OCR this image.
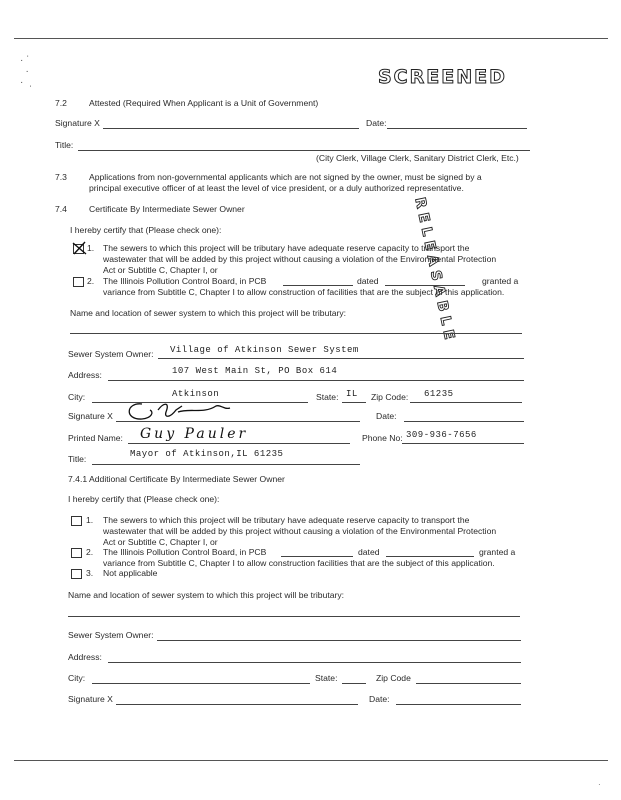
· ˈ
·
·  ˌ	SCREENED
RELEASABLE
7.2	Attested (Required When Applicant is a Unit of Government)
Signature X	Date:
Title:
(City Clerk, Village Clerk, Sanitary District Clerk, Etc.)
7.3	Applications from non-governmental applicants which are not signed by the owner, must be signed by a
principal executive officer of at least the level of vice president, or a duly authorized representative.
7.4	Certificate By Intermediate Sewer Owner
I hereby certify that (Please check one):
1. The sewers to which this project will be tributary have adequate reserve capacity to transport the
wastewater that will be added by this project without causing a violation of the Environmental Protection
Act or Subtitle C, Chapter I, or
2. The Illinois Pollution Control Board, in PCB	dated	granted a
variance from Subtitle C, Chapter I to allow construction of facilities that are the subject of this application.
Name and location of sewer system to which this project will be tributary:
Sewer System Owner: Village of Atkinson Sewer System
Address:	107 West Main St, PO Box 614
City:	Atkinson	State: IL Zip Code: 61235
Signature X	Date:
Printed Name: Guy Pauler	Phone No: 309-936-7656
Title:	Mayor of Atkinson,IL 61235
7.4.1 Additional Certificate By Intermediate Sewer Owner
I hereby certify that (Please check one):
1. The sewers to which this project will be tributary have adequate reserve capacity to transport the
wastewater that will be added by this project without causing a violation of the Environmental Protection
Act or Subtitle C, Chapter I, or
2. The Illinois Pollution Control Board, in PCB	dated	granted a
variance from Subtitle C, Chapter I to allow construction facilities that are the subject of this application.
3. Not applicable
Name and location of sewer system to which this project will be tributary:
Sewer System Owner:
Address:
City:	State:	Zip Code
Signature X	Date:
·
